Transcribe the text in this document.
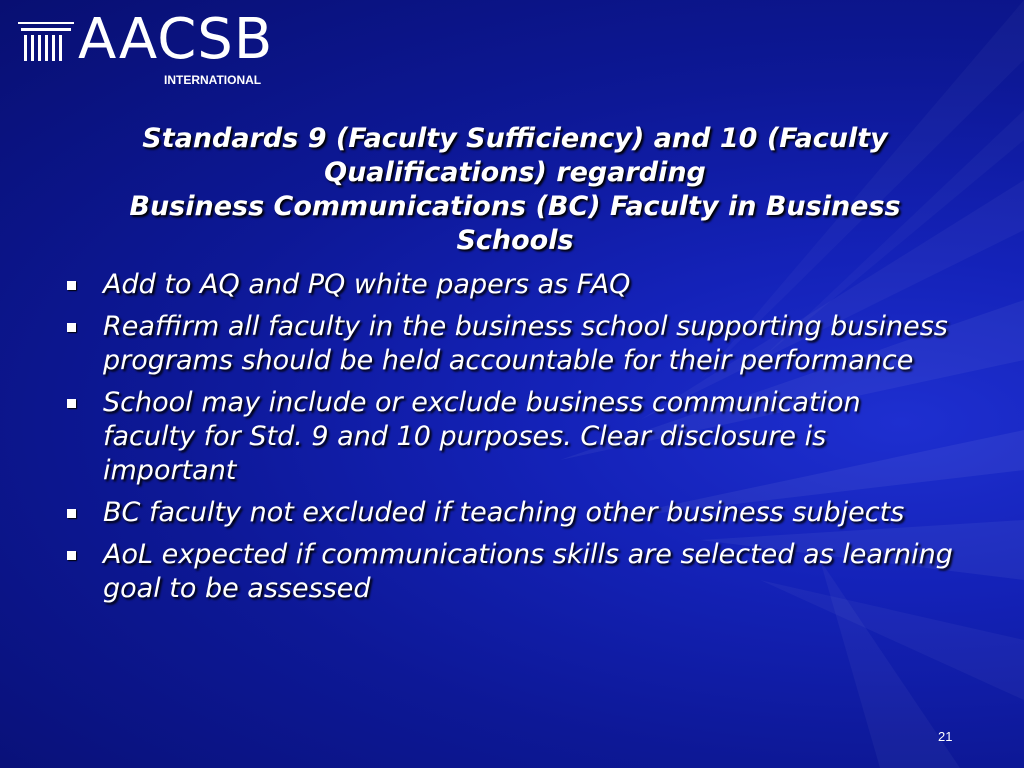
AACSB
INTERNATIONAL

Standards 9 (Faculty Sufficiency) and 10 (Faculty Qualifications) regarding

Business Communications (BC) Faculty in Business Schools

Add to AQ and PQ white papers as FAQ
Reaffirm all faculty in the business school supporting business programs should be held accountable for their performance
School may include or exclude business communication faculty for Std. 9 and 10 purposes. Clear disclosure is important
BC faculty not excluded if teaching other business subjects
AoL expected if communications skills are selected as learning goal to be assessed
21
